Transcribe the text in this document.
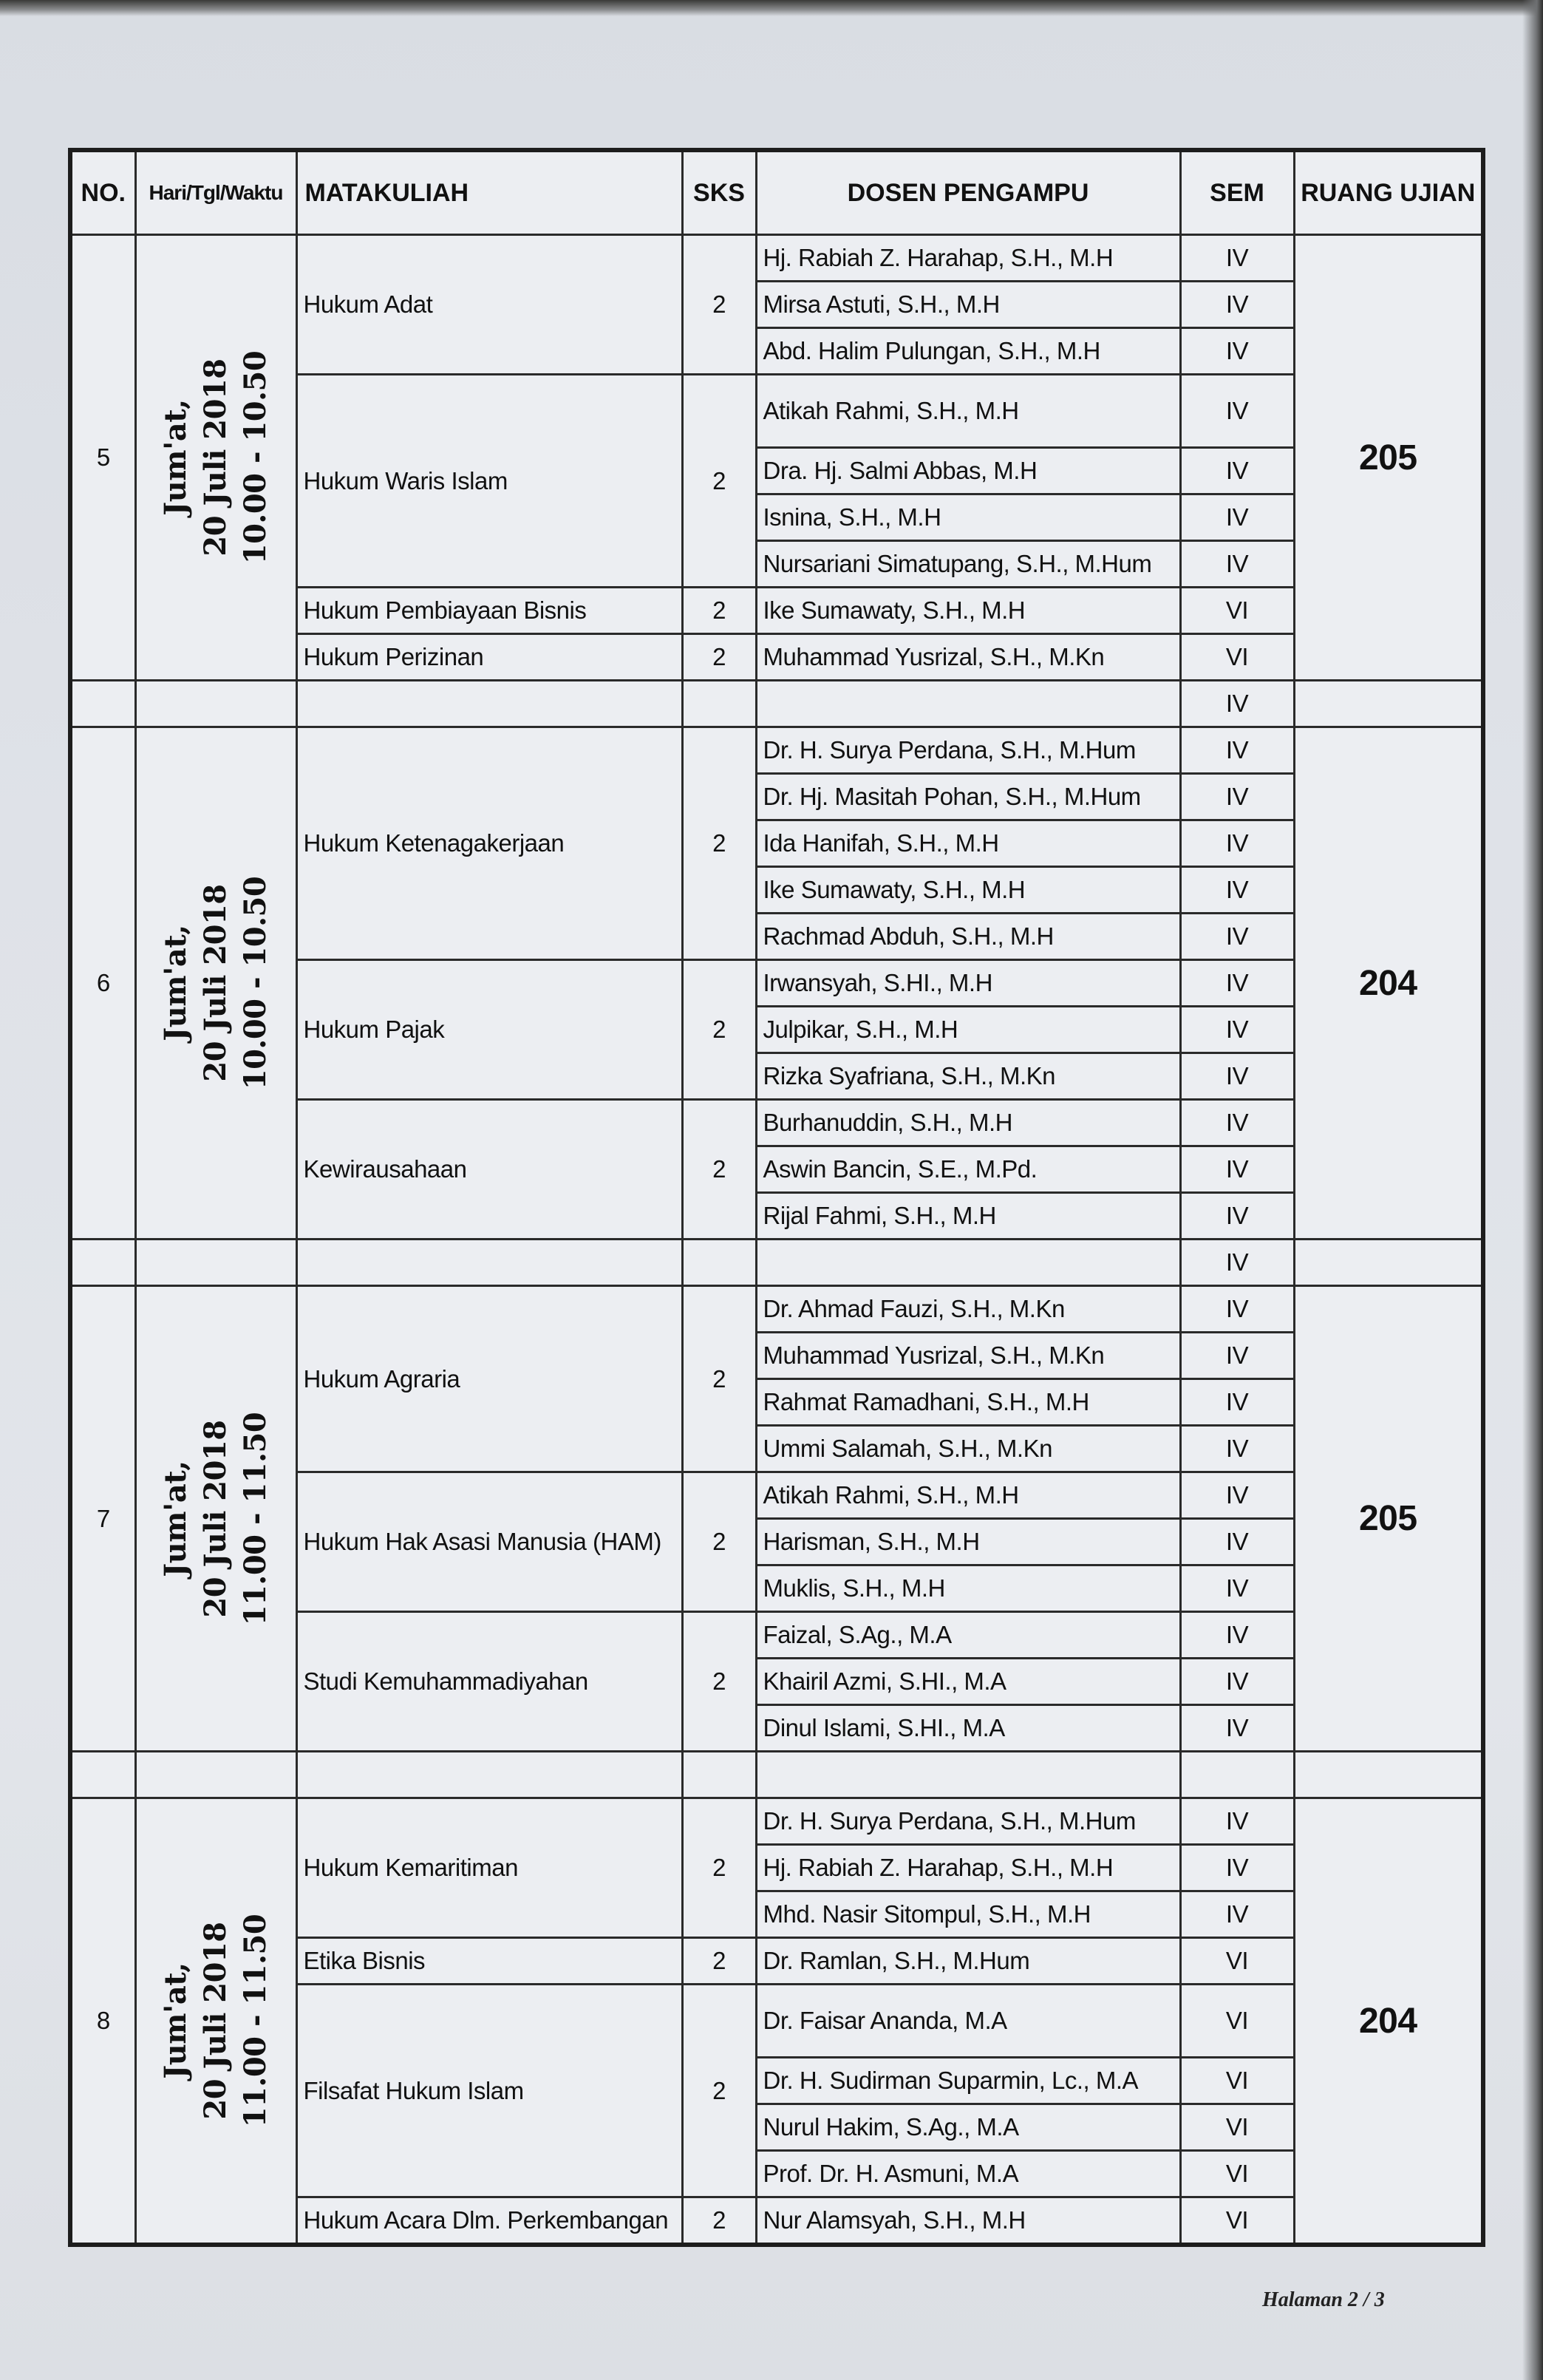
NO.	Hari/Tgl/Waktu	MATAKULIAH	SKS	DOSEN PENGAMPU	SEM	RUANG UJIAN
5	Jum'at, 20 Juli 2018 10.00 - 10.50	Hukum Adat	2	Hj. Rabiah Z. Harahap, S.H., M.H	IV	205
				Mirsa Astuti, S.H., M.H	IV	
				Abd. Halim Pulungan, S.H., M.H	IV	
		Hukum Waris Islam	2	Atikah Rahmi, S.H., M.H	IV	
				Dra. Hj. Salmi Abbas, M.H	IV	
				Isnina, S.H., M.H	IV	
				Nursariani Simatupang, S.H., M.Hum	IV	
		Hukum Pembiayaan Bisnis	2	Ike Sumawaty, S.H., M.H	VI	
		Hukum Perizinan	2	Muhammad Yusrizal, S.H., M.Kn	VI	
					IV	
6	Jum'at, 20 Juli 2018 10.00 - 10.50	Hukum Ketenagakerjaan	2	Dr. H. Surya Perdana, S.H., M.Hum	IV	204
				Dr. Hj. Masitah Pohan, S.H., M.Hum	IV	
				Ida Hanifah, S.H., M.H	IV	
				Ike Sumawaty, S.H., M.H	IV	
				Rachmad Abduh, S.H., M.H	IV	
		Hukum Pajak	2	Irwansyah, S.HI., M.H	IV	
				Julpikar, S.H., M.H	IV	
				Rizka Syafriana, S.H., M.Kn	IV	
		Kewirausahaan	2	Burhanuddin, S.H., M.H	IV	
				Aswin Bancin, S.E., M.Pd.	IV	
				Rijal Fahmi, S.H., M.H	IV	
					IV	
7	Jum'at, 20 Juli 2018 11.00 - 11.50	Hukum Agraria	2	Dr. Ahmad Fauzi, S.H., M.Kn	IV	205
				Muhammad Yusrizal, S.H., M.Kn	IV	
				Rahmat Ramadhani, S.H., M.H	IV	
				Ummi Salamah, S.H., M.Kn	IV	
		Hukum Hak Asasi Manusia (HAM)	2	Atikah Rahmi, S.H., M.H	IV	
				Harisman, S.H., M.H	IV	
				Muklis, S.H., M.H	IV	
		Studi Kemuhammadiyahan	2	Faizal, S.Ag., M.A	IV	
				Khairil Azmi, S.HI., M.A	IV	
				Dinul Islami, S.HI., M.A	IV	

8	Jum'at, 20 Juli 2018 11.00 - 11.50	Hukum Kemaritiman	2	Dr. H. Surya Perdana, S.H., M.Hum	IV	204
				Hj. Rabiah Z. Harahap, S.H., M.H	IV	
				Mhd. Nasir Sitompul, S.H., M.H	IV	
		Etika Bisnis	2	Dr. Ramlan, S.H., M.Hum	VI	
		Filsafat Hukum Islam	2	Dr. Faisar Ananda, M.A	VI	
				Dr. H. Sudirman Suparmin, Lc., M.A	VI	
				Nurul Hakim, S.Ag., M.A	VI	
				Prof. Dr. H. Asmuni, M.A	VI	
		Hukum Acara Dlm. Perkembangan	2	Nur Alamsyah, S.H., M.H	VI	
Halaman 2 / 3
